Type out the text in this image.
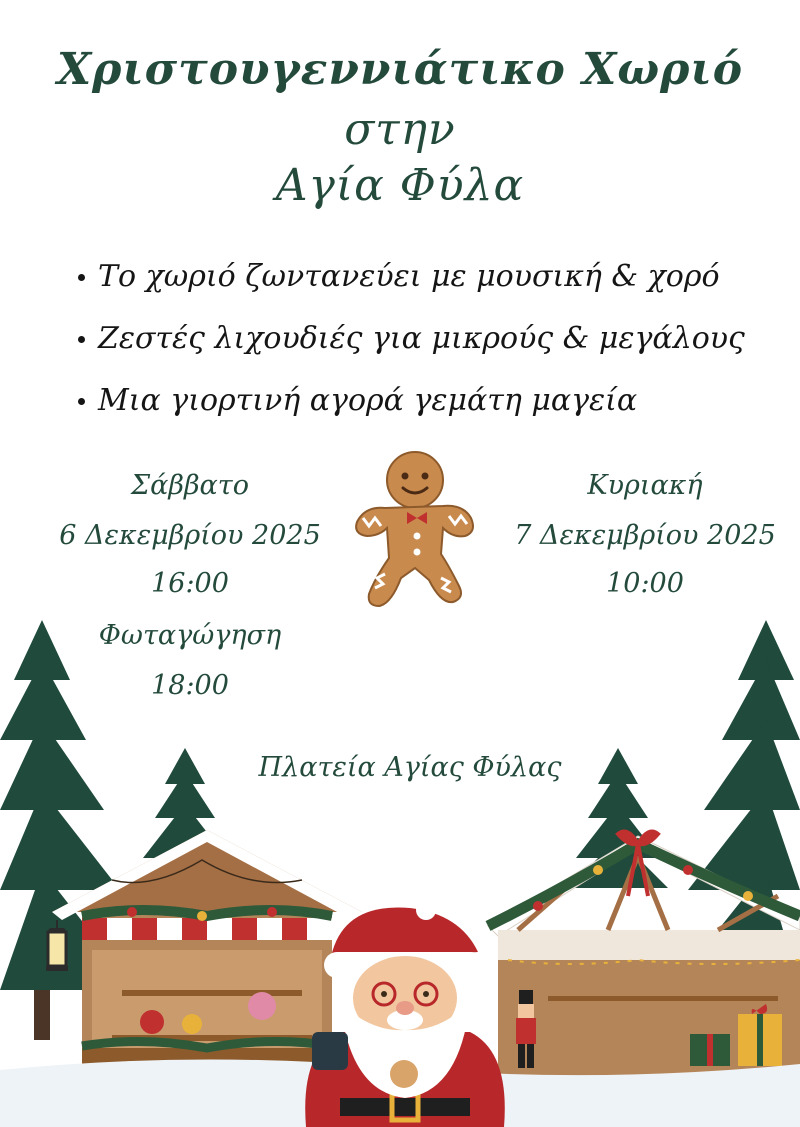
Χριστουγεννιάτικο Χωριό
στην
Αγία Φύλα
Το χωριό ζωντανεύει με μουσική & χορό
Ζεστές λιχουδιές για μικρούς & μεγάλους
Μια γιορτινή αγορά γεμάτη μαγεία
Σάββατο
6 Δεκεμβρίου 2025
16:00
Φωταγώγηση
18:00
Κυριακή
7 Δεκεμβρίου 2025
10:00
Πλατεία Αγίας Φύλας
